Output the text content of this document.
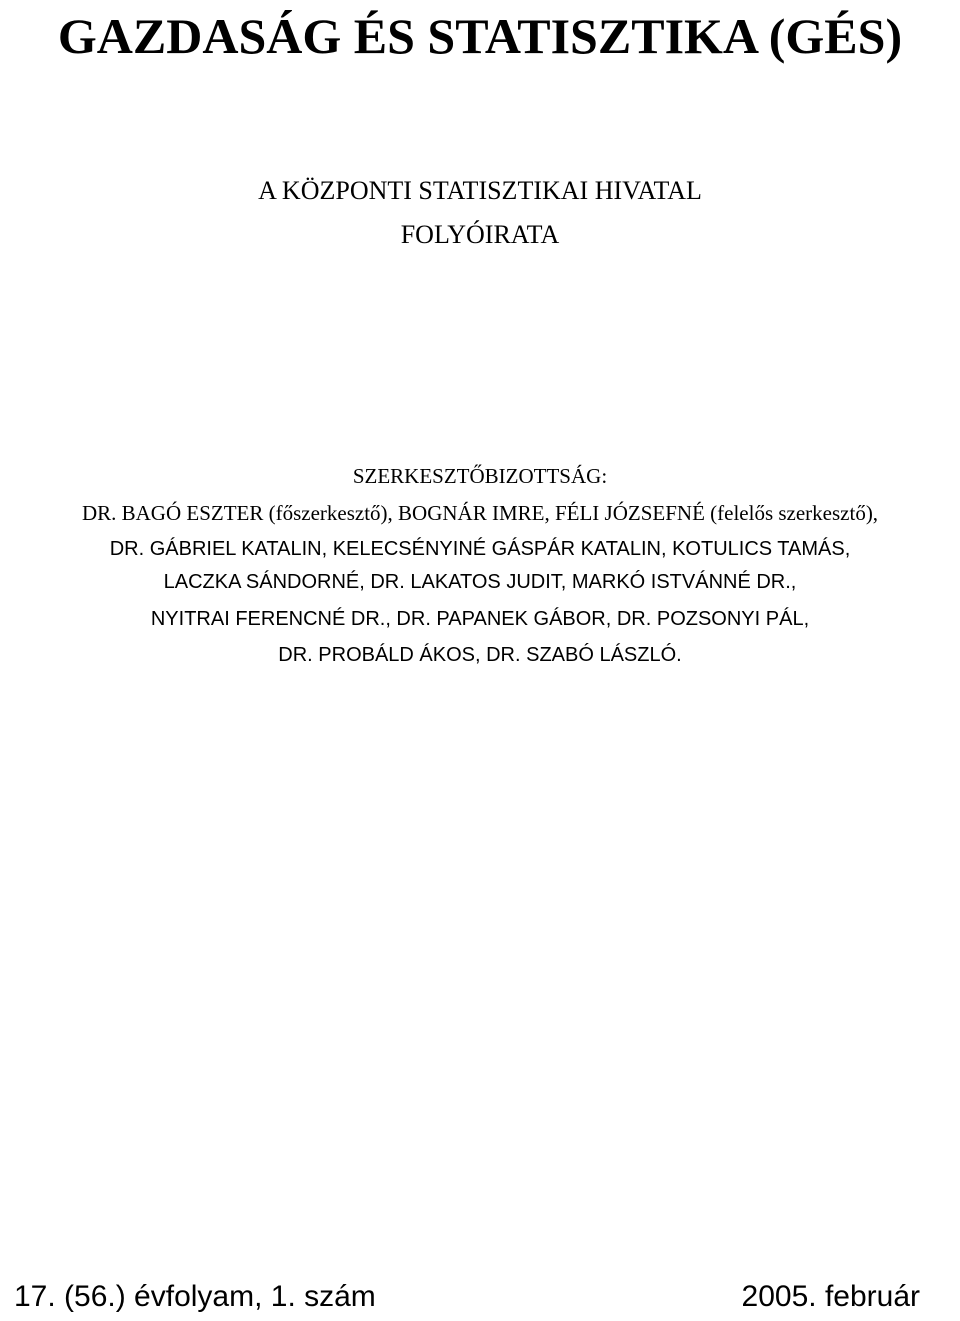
GAZDASÁG ÉS STATISZTIKA (GÉS)
A KÖZPONTI STATISZTIKAI HIVATAL
FOLYÓIRATA
SZERKESZTŐBIZOTTSÁG:
DR. BAGÓ ESZTER (főszerkesztő), BOGNÁR IMRE, FÉLI JÓZSEFNÉ (felelős szerkesztő),
DR. GÁBRIEL KATALIN, KELECSÉNYINÉ GÁSPÁR KATALIN, KOTULICS TAMÁS,
LACZKA SÁNDORNÉ, DR. LAKATOS JUDIT, MARKÓ ISTVÁNNÉ DR.,
NYITRAI FERENCNÉ DR., DR. PAPANEK GÁBOR, DR. POZSONYI PÁL,
DR. PROBÁLD ÁKOS, DR. SZABÓ LÁSZLÓ.
17. (56.) évfolyam, 1. szám	2005. február
